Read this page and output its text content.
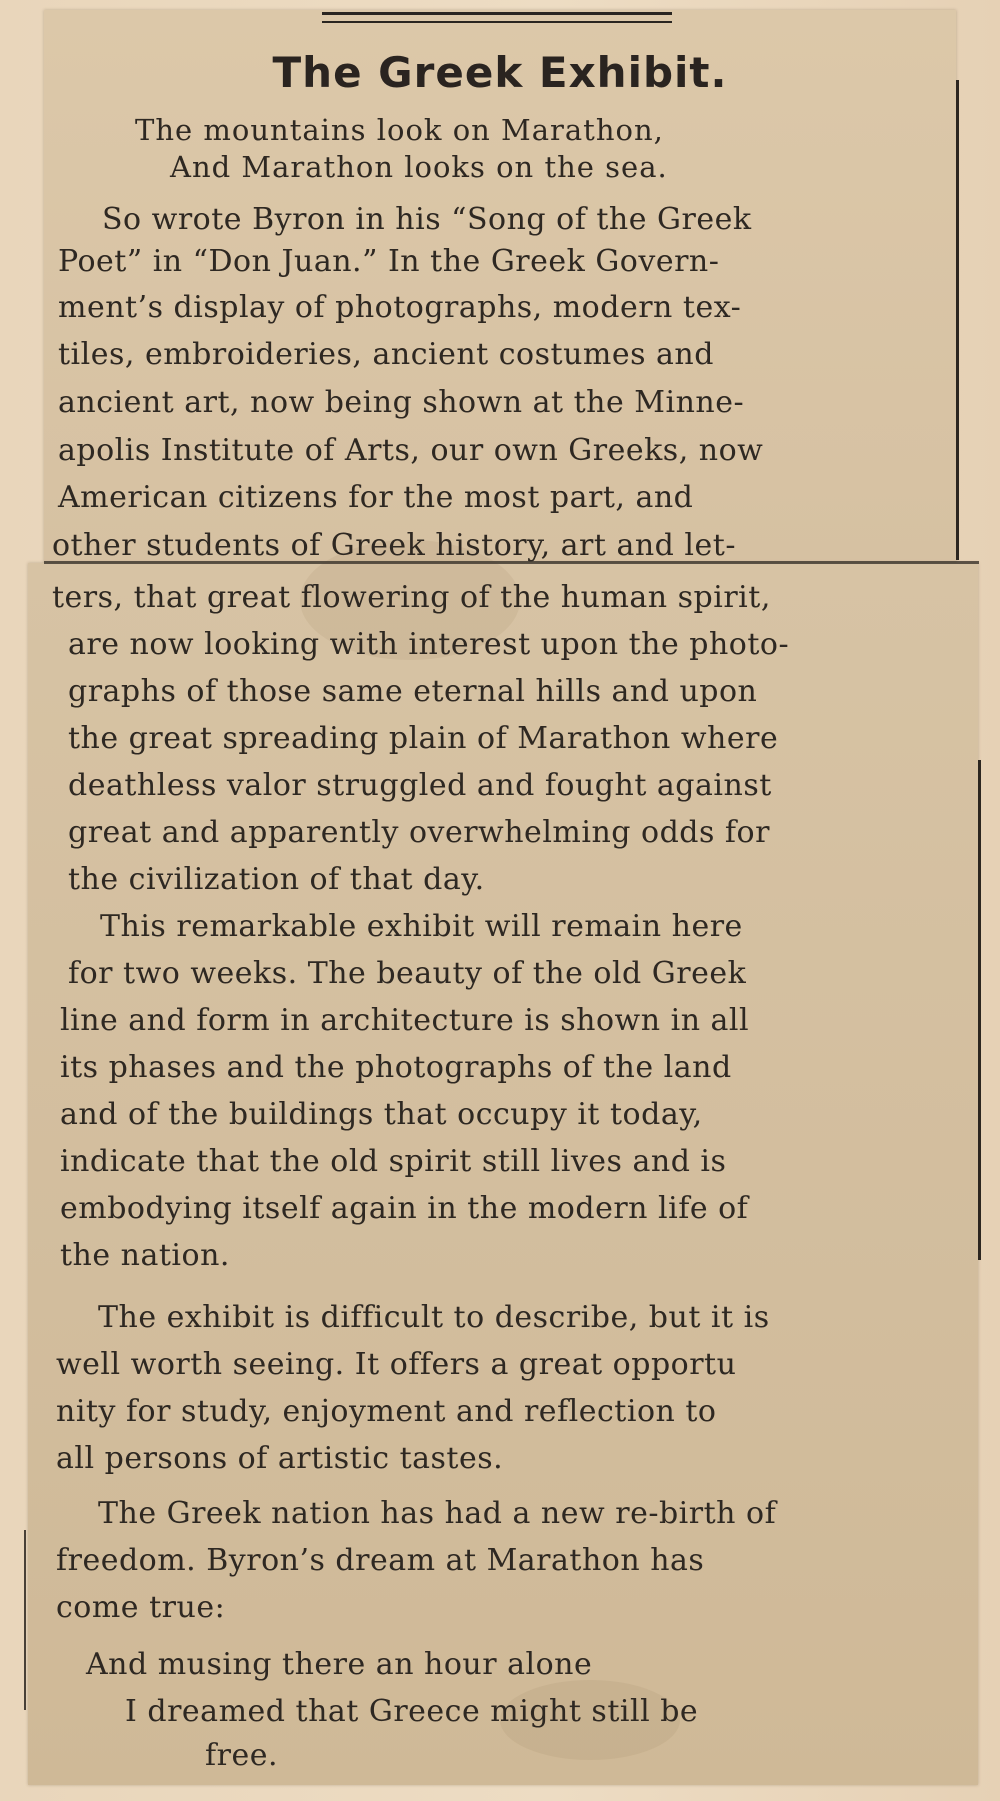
The Greek Exhibit.
The mountains look on Marathon,
And Marathon looks on the sea.
So wrote Byron in his “Song of the Greek
Poet” in “Don Juan.” In the Greek Govern-
ment’s display of photographs, modern tex-
tiles, embroideries, ancient costumes and
ancient art, now being shown at the Minne-
apolis Institute of Arts, our own Greeks, now
American citizens for the most part, and
other students of Greek history, art and let-
ters, that great flowering of the human spirit,
are now looking with interest upon the photo-
graphs of those same eternal hills and upon
the great spreading plain of Marathon where
deathless valor struggled and fought against
great and apparently overwhelming odds for
the civilization of that day.
This remarkable exhibit will remain here
for two weeks. The beauty of the old Greek
line and form in architecture is shown in all
its phases and the photographs of the land
and of the buildings that occupy it today,
indicate that the old spirit still lives and is
embodying itself again in the modern life of
the nation.
The exhibit is difficult to describe, but it is
well worth seeing. It offers a great opportu
nity for study, enjoyment and reflection to
all persons of artistic tastes.
The Greek nation has had a new re-birth of
freedom. Byron’s dream at Marathon has
come true:
And musing there an hour alone
I dreamed that Greece might still be
free.
